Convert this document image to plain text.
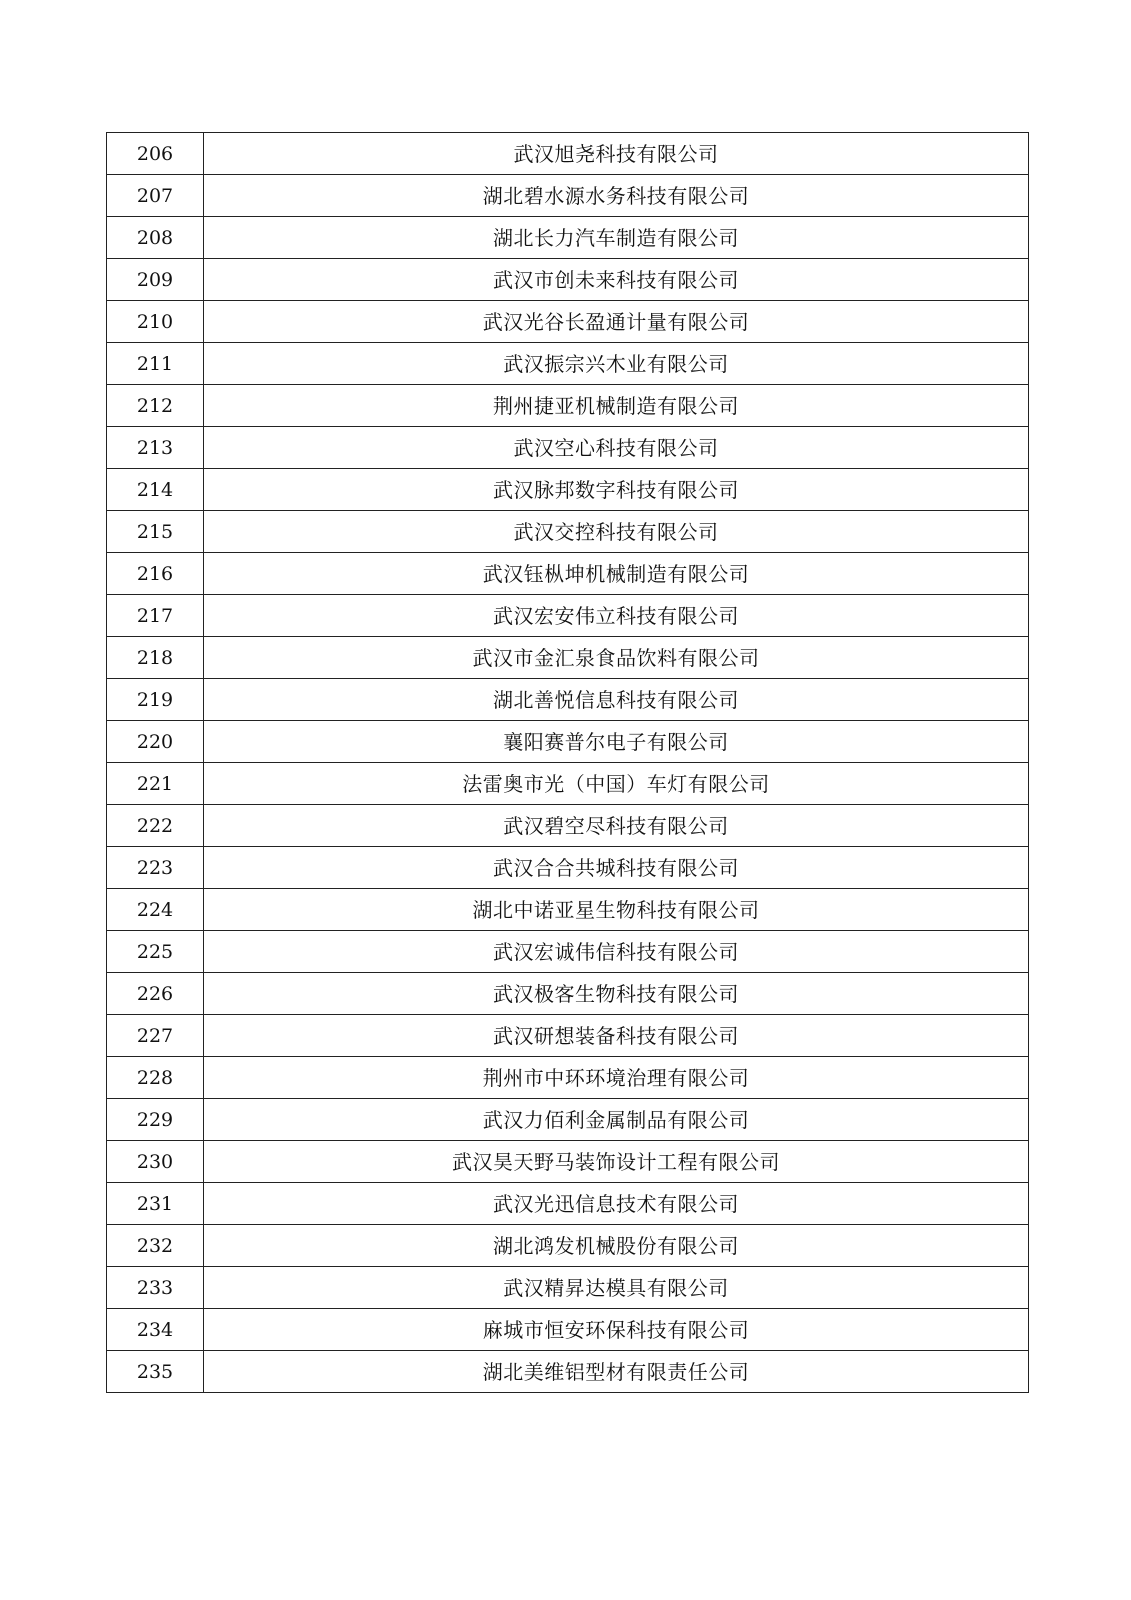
206	武汉旭尧科技有限公司
207	湖北碧水源水务科技有限公司
208	湖北长力汽车制造有限公司
209	武汉市创未来科技有限公司
210	武汉光谷长盈通计量有限公司
211	武汉振宗兴木业有限公司
212	荆州捷亚机械制造有限公司
213	武汉空心科技有限公司
214	武汉脉邦数字科技有限公司
215	武汉交控科技有限公司
216	武汉钰枞坤机械制造有限公司
217	武汉宏安伟立科技有限公司
218	武汉市金汇泉食品饮料有限公司
219	湖北善悦信息科技有限公司
220	襄阳赛普尔电子有限公司
221	法雷奥市光（中国）车灯有限公司
222	武汉碧空尽科技有限公司
223	武汉合合共城科技有限公司
224	湖北中诺亚星生物科技有限公司
225	武汉宏诚伟信科技有限公司
226	武汉极客生物科技有限公司
227	武汉研想装备科技有限公司
228	荆州市中环环境治理有限公司
229	武汉力佰利金属制品有限公司
230	武汉昊天野马装饰设计工程有限公司
231	武汉光迅信息技术有限公司
232	湖北鸿发机械股份有限公司
233	武汉精昇达模具有限公司
234	麻城市恒安环保科技有限公司
235	湖北美维铝型材有限责任公司
